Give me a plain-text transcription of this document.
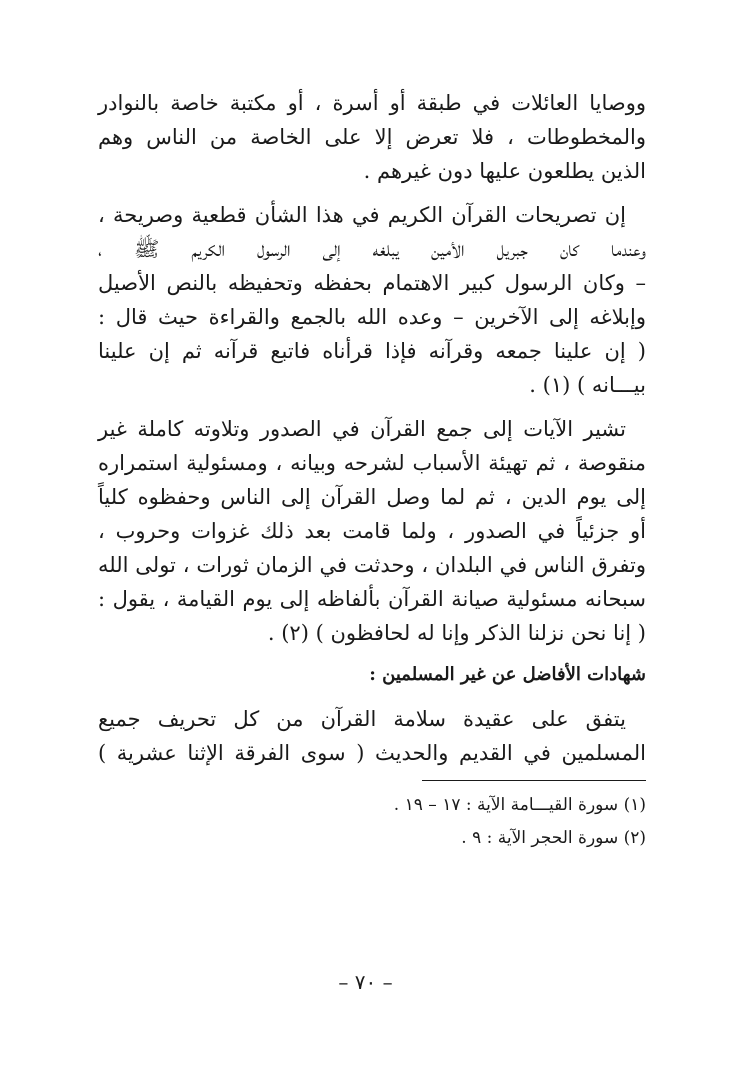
ووصايا العائلات في طبقة أو أسرة ، أو مكتبة خاصة بالنوادر
والمخطوطات ، فلا تعرض إلا على الخاصة من الناس وهم
الذين يطلعون عليها دون غيرهم .
إن تصريحات القرآن الكريم في هذا الشأن قطعية وصريحة ،
وعندما كان جبريل الأمين يبلغه إلى الرسول الكريم ﷺ ،
– وكان الرسول كبير الاهتمام بحفظه وتحفيظه بالنص الأصيل
وإبلاغه إلى الآخرين – وعده الله بالجمع والقراءة حيث قال :
( إن علينا جمعه وقرآنه فإذا قرأناه فاتبع قرآنه ثم إن علينا
بيـــانه ) (١) .
تشير الآيات إلى جمع القرآن في الصدور وتلاوته كاملة غير
منقوصة ، ثم تهيئة الأسباب لشرحه وبيانه ، ومسئولية استمراره
إلى يوم الدين ، ثم لما وصل القرآن إلى الناس وحفظوه كلياً
أو جزئياً في الصدور ، ولما قامت بعد ذلك غزوات وحروب ،
وتفرق الناس في البلدان ، وحدثت في الزمان ثورات ، تولى الله
سبحانه مسئولية صيانة القرآن بألفاظه إلى يوم القيامة ، يقول :
( إنا نحن نزلنا الذكر وإنا له لحافظون ) (٢) .
شهادات الأفاضل عن غير المسلمين :
يتفق على عقيدة سلامة القرآن من كل تحريف جميع
المسلمين في القديم والحديث ( سوى الفرقة الإثنا عشرية )
(١) سورة القيـــامة الآية : ١٧ – ١٩ .
(٢) سورة الحجر الآية : ٩ .
– ٧٠ –
